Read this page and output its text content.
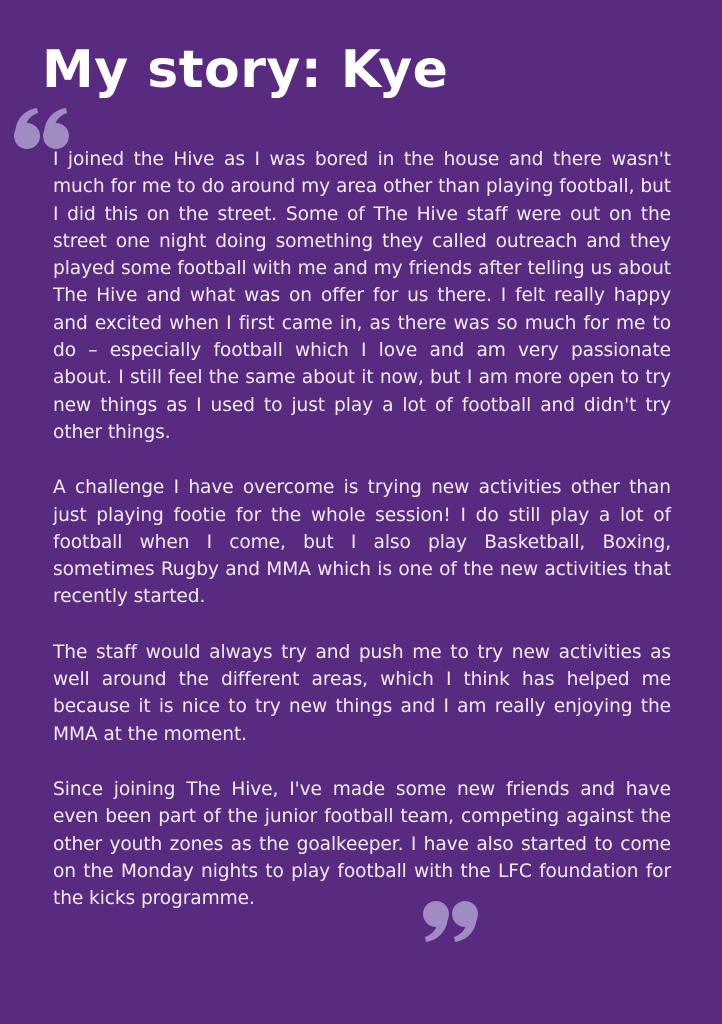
My story: Kye

I joined the Hive as I was bored in the house and there wasn't much for me to do around my area other than playing football, but I did this on the street. Some of The Hive staff were out on the street one night doing something they called outreach and they played some football with me and my friends after telling us about The Hive and what was on offer for us there. I felt really happy and excited when I first came in, as there was so much for me to do – especially football which I love and am very passionate about. I still feel the same about it now, but I am more open to try new things as I used to just play a lot of football and didn't try other things.

A challenge I have overcome is trying new activities other than just playing footie for the whole session! I do still play a lot of football when I come, but I also play Basketball, Boxing, sometimes Rugby and MMA which is one of the new activities that recently started.

The staff would always try and push me to try new activities as well around the different areas, which I think has helped me because it is nice to try new things and I am really enjoying the MMA at the moment.

Since joining The Hive, I've made some new friends and have even been part of the junior football team, competing against the other youth zones as the goalkeeper. I have also started to come on the Monday nights to play football with the LFC foundation for the kicks programme.
